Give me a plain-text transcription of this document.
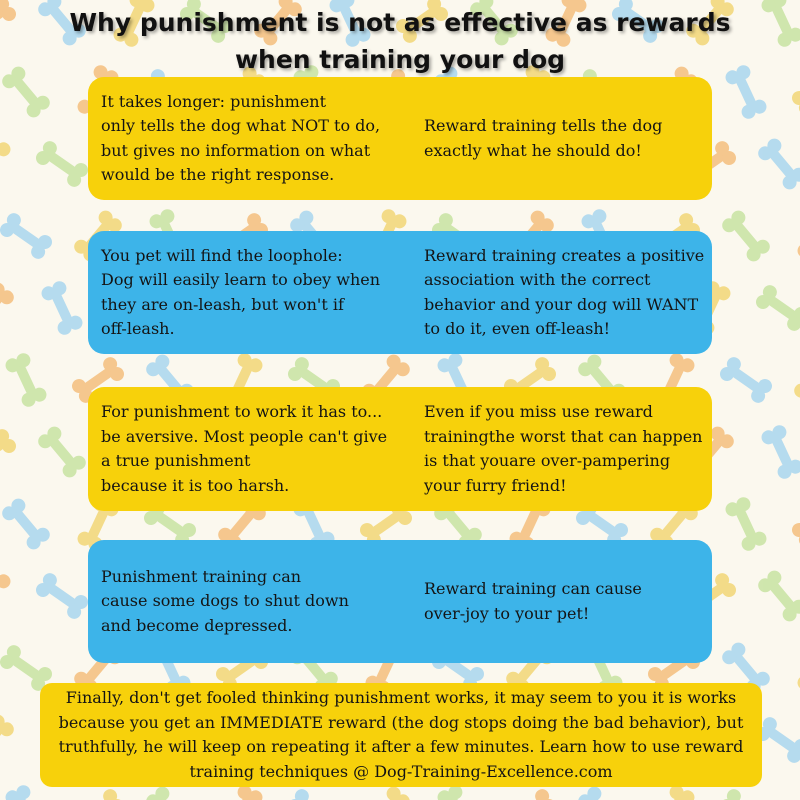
Why punishment is not as effective as rewards
when training your dog
It takes longer: punishment
only tells the dog what NOT to do,
but gives no information on what
would be the right response.
Reward training tells the dog
exactly what he should do!
You pet will find the loophole:
Dog will easily learn to obey when
they are on-leash, but won't if
off-leash.
Reward training creates a positive
association with the correct
behavior and your dog will WANT
to do it, even off-leash!
For punishment to work it has to...
be aversive. Most people can't give
a true punishment
because it is too harsh.
Even if you miss use reward
trainingthe worst that can happen
is that youare over-pampering
your furry friend!
Punishment training can
cause some dogs to shut down
and become depressed.
Reward training can cause
over-joy to your pet!
Finally, don't get fooled thinking punishment works, it may seem to you it is works because you get an IMMEDIATE reward (the dog stops doing the bad behavior), but truthfully, he will keep on repeating it after a few minutes. Learn how to use reward training techniques @ Dog-Training-Excellence.com
